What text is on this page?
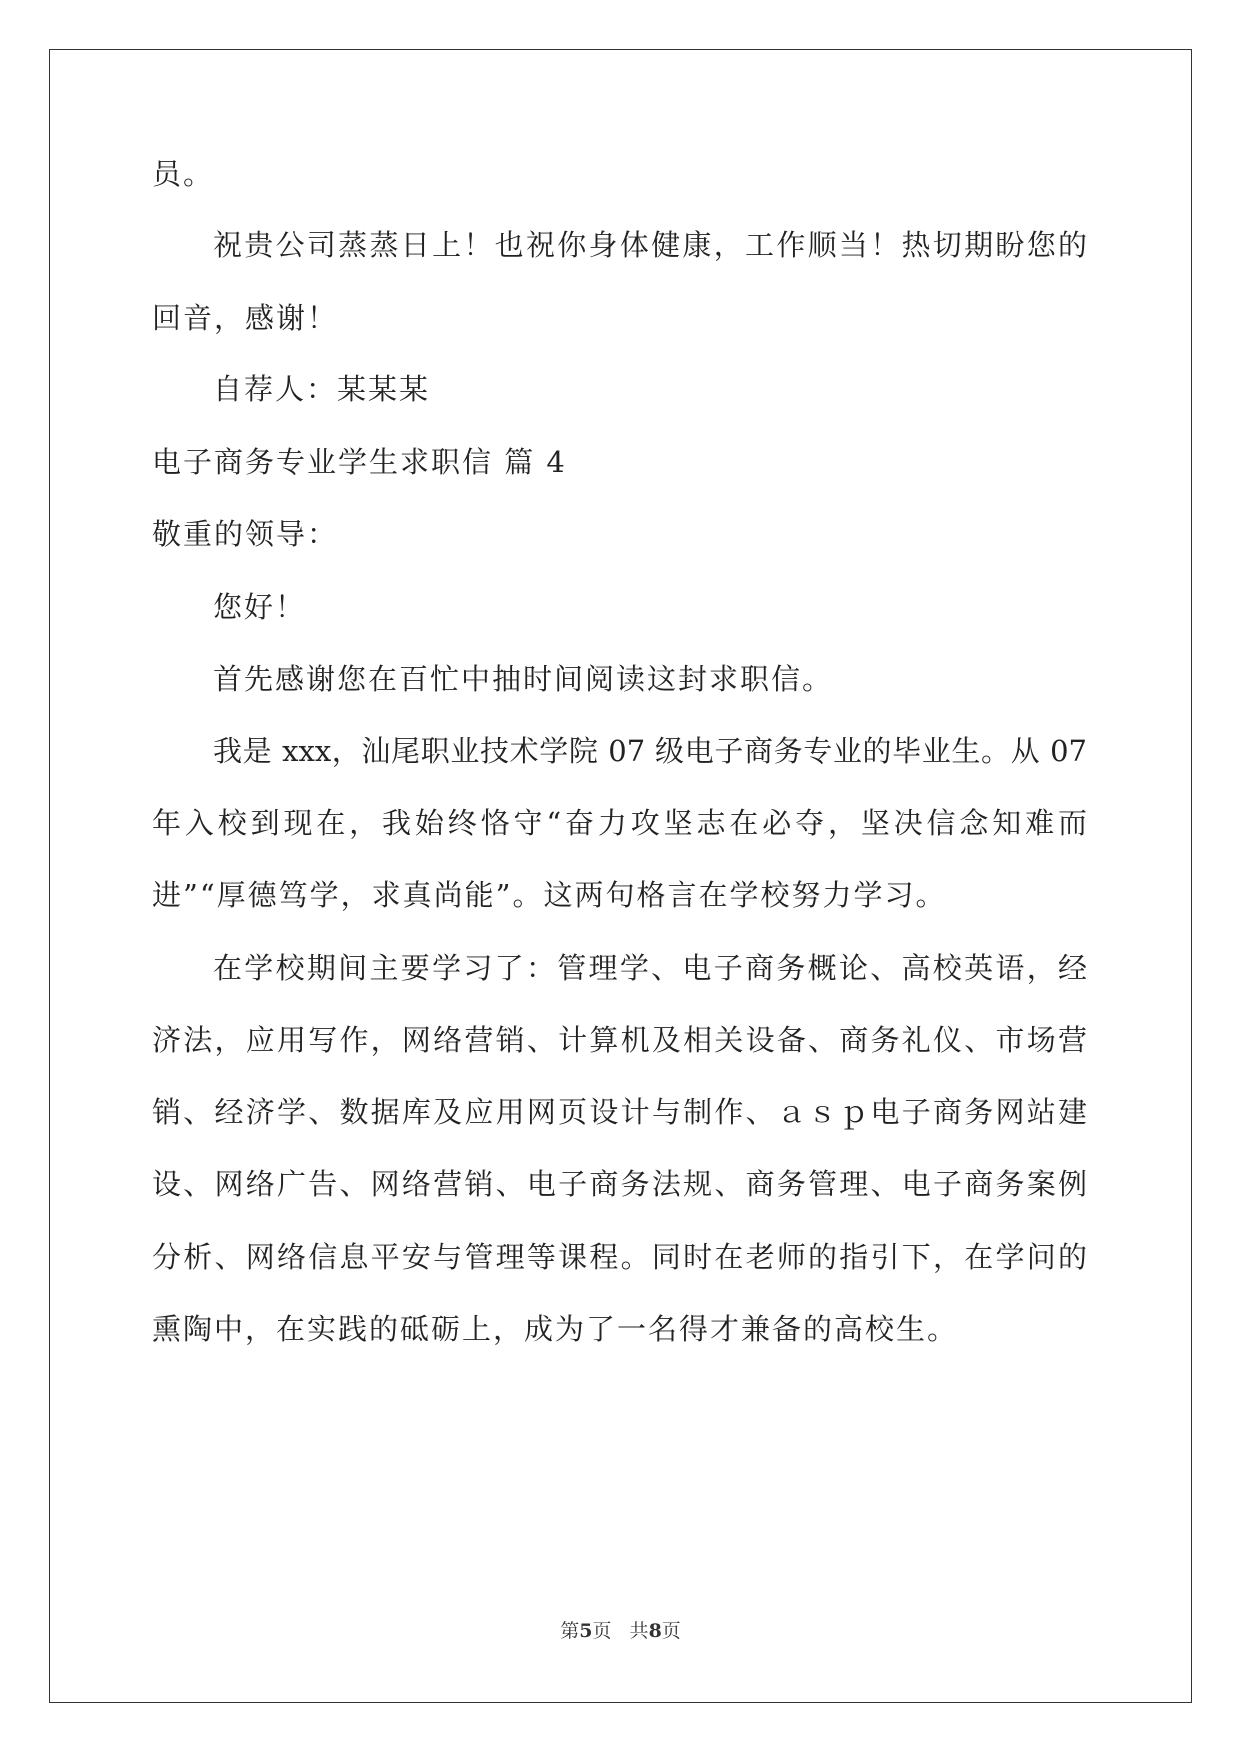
员。
祝贵公司蒸蒸日上！也祝你身体健康，工作顺当！热切期盼您的
回音，感谢！
自荐人：某某某
电子商务专业学生求职信 篇 4
敬重的领导：
您好！
首先感谢您在百忙中抽时间阅读这封求职信。
我是 xxx，汕尾职业技术学院 07 级电子商务专业的毕业生。从 07
年入校到现在，我始终恪守“奋力攻坚志在必夺，坚决信念知难而
进”“厚德笃学，求真尚能”。这两句格言在学校努力学习。
在学校期间主要学习了：管理学、电子商务概论、高校英语，经
济法，应用写作，网络营销、计算机及相关设备、商务礼仪、市场营
销、经济学、数据库及应用网页设计与制作、ａｓｐ电子商务网站建
设、网络广告、网络营销、电子商务法规、商务管理、电子商务案例
分析、网络信息平安与管理等课程。同时在老师的指引下，在学问的
熏陶中，在实践的砥砺上，成为了一名得才兼备的高校生。
第5页   共8页
